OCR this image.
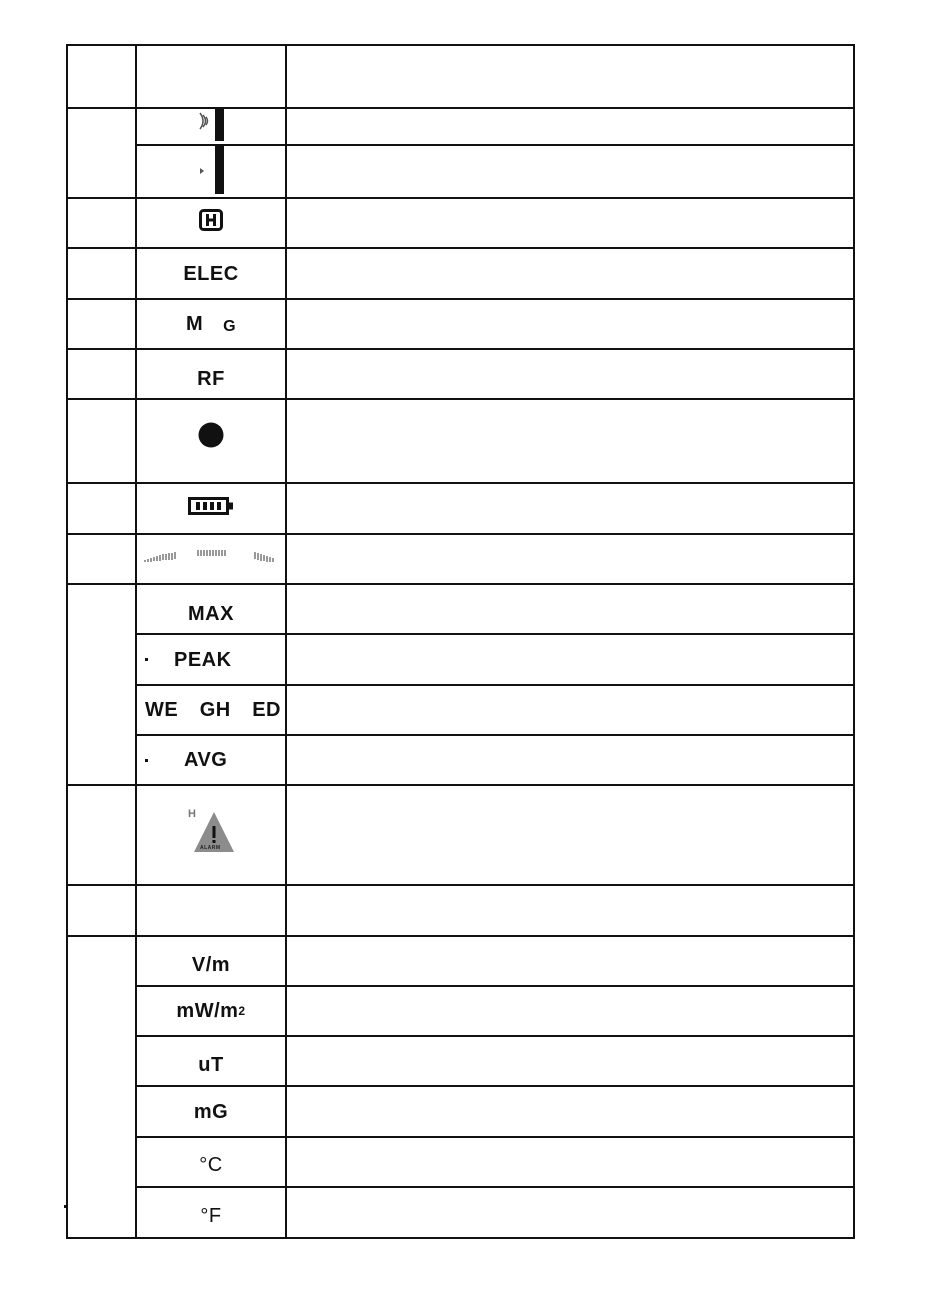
ELEC
M G
RF
MAX
PEAK
WE GH ED
AVG
H
ALARM
V/m
mW/m 2
uT
mG
°C
°F
